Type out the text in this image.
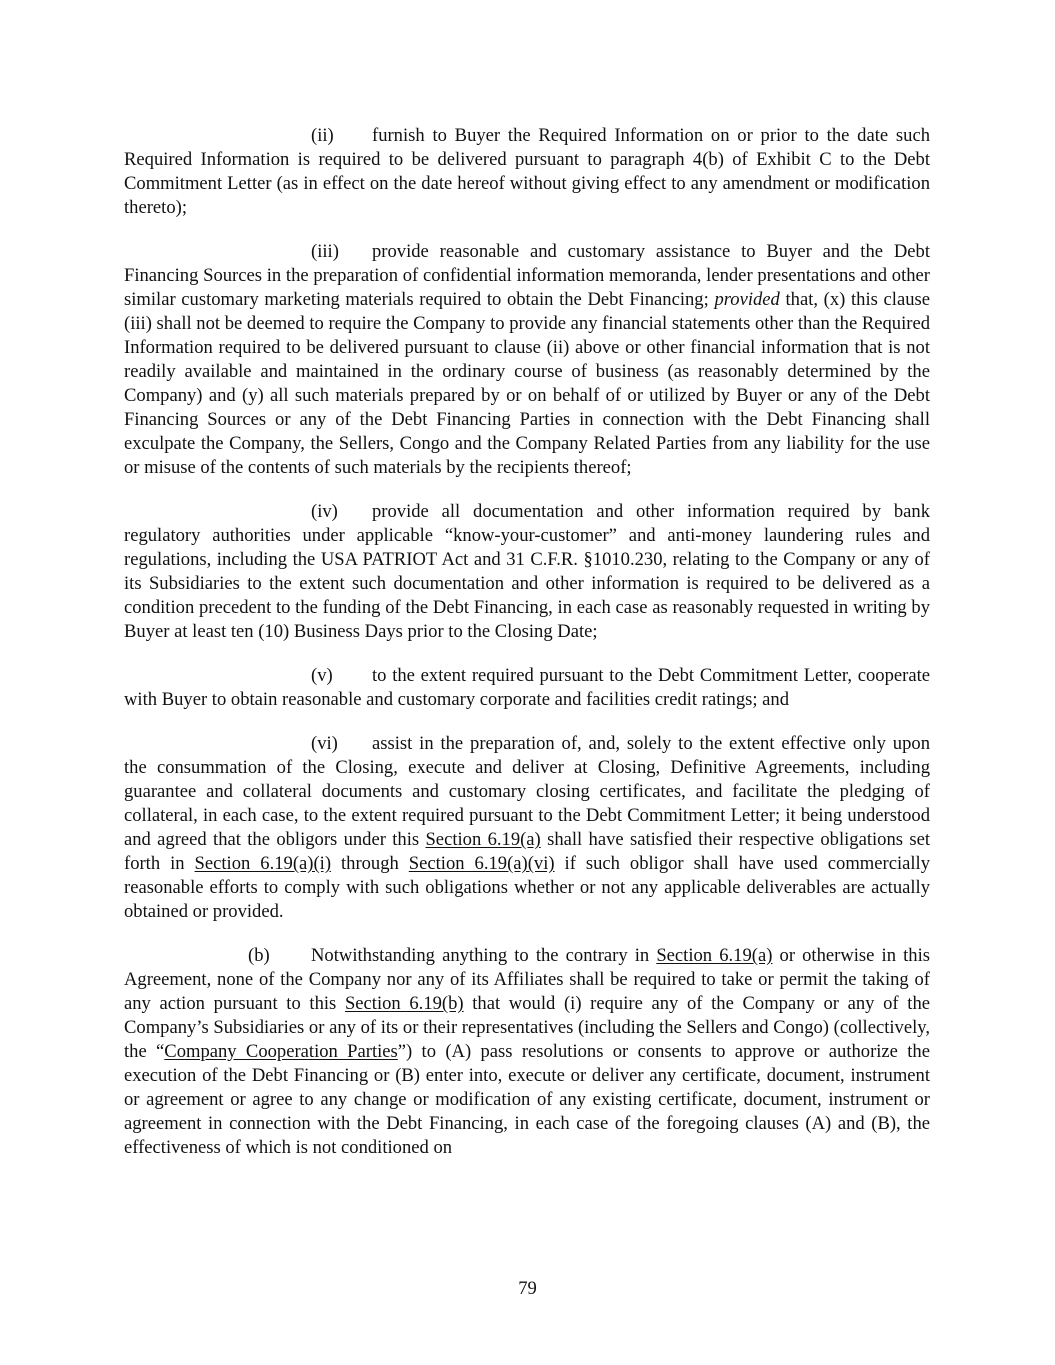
(ii) furnish to Buyer the Required Information on or prior to the date such Required Information is required to be delivered pursuant to paragraph 4(b) of Exhibit C to the Debt Commitment Letter (as in effect on the date hereof without giving effect to any amendment or modification thereto);

(iii) provide reasonable and customary assistance to Buyer and the Debt Financing Sources in the preparation of confidential information memoranda, lender presentations and other similar customary marketing materials required to obtain the Debt Financing; provided that, (x) this clause (iii) shall not be deemed to require the Company to provide any financial statements other than the Required Information required to be delivered pursuant to clause (ii) above or other financial information that is not readily available and maintained in the ordinary course of business (as reasonably determined by the Company) and (y) all such materials prepared by or on behalf of or utilized by Buyer or any of the Debt Financing Sources or any of the Debt Financing Parties in connection with the Debt Financing shall exculpate the Company, the Sellers, Congo and the Company Related Parties from any liability for the use or misuse of the contents of such materials by the recipients thereof;

(iv) provide all documentation and other information required by bank regulatory authorities under applicable “know-your-customer” and anti-money laundering rules and regulations, including the USA PATRIOT Act and 31 C.F.R. §1010.230, relating to the Company or any of its Subsidiaries to the extent such documentation and other information is required to be delivered as a condition precedent to the funding of the Debt Financing, in each case as reasonably requested in writing by Buyer at least ten (10) Business Days prior to the Closing Date;

(v) to the extent required pursuant to the Debt Commitment Letter, cooperate with Buyer to obtain reasonable and customary corporate and facilities credit ratings; and

(vi) assist in the preparation of, and, solely to the extent effective only upon the consummation of the Closing, execute and deliver at Closing, Definitive Agreements, including guarantee and collateral documents and customary closing certificates, and facilitate the pledging of collateral, in each case, to the extent required pursuant to the Debt Commitment Letter; it being understood and agreed that the obligors under this Section 6.19(a) shall have satisfied their respective obligations set forth in Section 6.19(a)(i) through Section 6.19(a)(vi) if such obligor shall have used commercially reasonable efforts to comply with such obligations whether or not any applicable deliverables are actually obtained or provided.

(b) Notwithstanding anything to the contrary in Section 6.19(a) or otherwise in this Agreement, none of the Company nor any of its Affiliates shall be required to take or permit the taking of any action pursuant to this Section 6.19(b) that would (i) require any of the Company or any of the Company’s Subsidiaries or any of its or their representatives (including the Sellers and Congo) (collectively, the “Company Cooperation Parties”) to (A) pass resolutions or consents to approve or authorize the execution of the Debt Financing or (B) enter into, execute or deliver any certificate, document, instrument or agreement or agree to any change or modification of any existing certificate, document, instrument or agreement in connection with the Debt Financing, in each case of the foregoing clauses (A) and (B), the effectiveness of which is not conditioned on

79
